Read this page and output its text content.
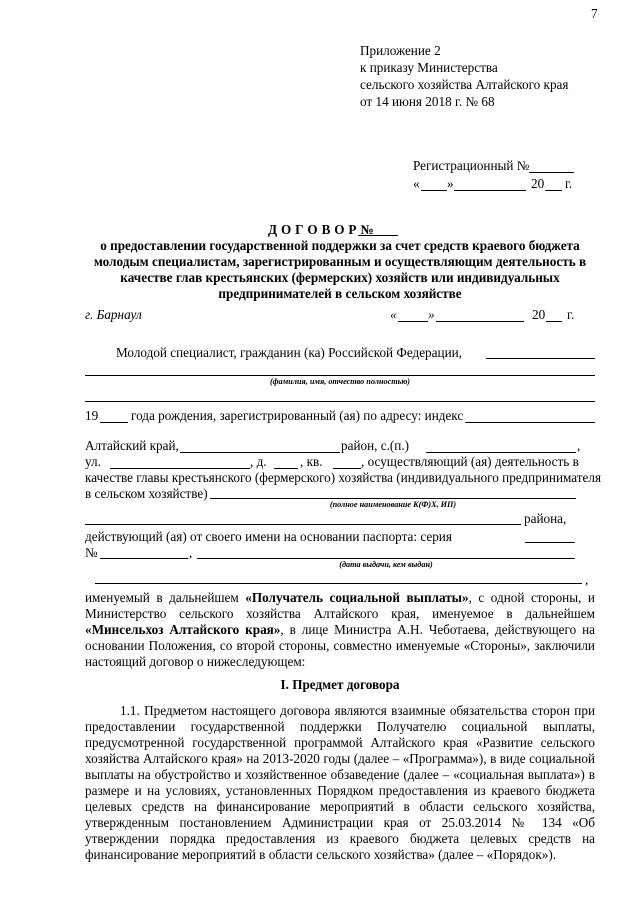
7
Приложение 2
к приказу Министерства
сельского хозяйства Алтайского края
от 14 июня 2018 г. № 68
Регистрационный №
« »	20 г.
Д О Г О В О Р №
о предоставлении государственной поддержки за счет средств краевого бюджета
молодым специалистам, зарегистрированным и осуществляющим деятельность в
качестве глав крестьянских (фермерских) хозяйств или индивидуальных
предпринимателей в сельском хозяйстве
г. Барнаул	« »	20 г.
Молодой специалист, гражданин (ка) Российской Федерации,
(фамилия, имя, отчество полностью)
19 года рождения, зарегистрированный (ая) по адресу: индекс
Алтайский край,	район, с.(п.)	,
ул.	, д.	, кв.	, осуществляющий (ая) деятельность в
качестве главы крестьянского (фермерского) хозяйства (индивидуального предпринимателя
в сельском хозяйстве)
(полное наименование К(Ф)Х, ИП)
района,
действующий (ая) от своего имени на основании паспорта: серия
№	,
(дата выдачи, кем выдан)
,
именуемый в дальнейшем «Получатель социальной выплаты», с одной стороны, и
Министерство сельского хозяйства Алтайского края, именуемое в дальнейшем
«Минсельхоз Алтайского края», в лице Министра А.Н. Чеботаева, действующего на
основании Положения, со второй стороны, совместно именуемые «Стороны», заключили
настоящий договор о нижеследующем:
I. Предмет договора
1.1. Предметом настоящего договора являются взаимные обязательства сторон при
предоставлении государственной поддержки Получателю социальной выплаты,
предусмотренной государственной программой Алтайского края «Развитие сельского
хозяйства Алтайского края» на 2013-2020 годы (далее – «Программа»), в виде социальной
выплаты на обустройство и хозяйственное обзаведение (далее – «социальная выплата») в
размере и на условиях, установленных Порядком предоставления из краевого бюджета
целевых средств на финансирование мероприятий в области сельского хозяйства,
утвержденным постановлением Администрации края от 25.03.2014 № 134 «Об
утверждении порядка предоставления из краевого бюджета целевых средств на
финансирование мероприятий в области сельского хозяйства» (далее – «Порядок»).
